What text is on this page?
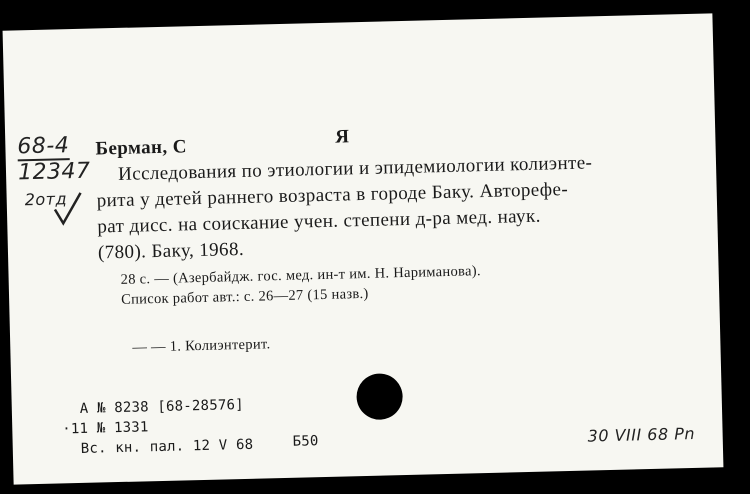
68-4
12347
2отд
Берман, С	Я
Исследования по этиологии и эпидемиологии колиэнте-
рита у детей раннего возраста в городе Баку. Авторефе-
рат дисс. на соискание учен. степени д-ра мед. наук.
(780). Баку, 1968.
28 с. — (Азербайдж. гос. мед. ин-т им. Н. Нариманова).
Список работ авт.: с. 26—27 (15 назв.)
— — 1. Колиэнтерит.
А № 8238 [68-28576]
·11 № 1331
Вс. кн. пал. 12 V 68	Б50	30 VIII 68 Pn
